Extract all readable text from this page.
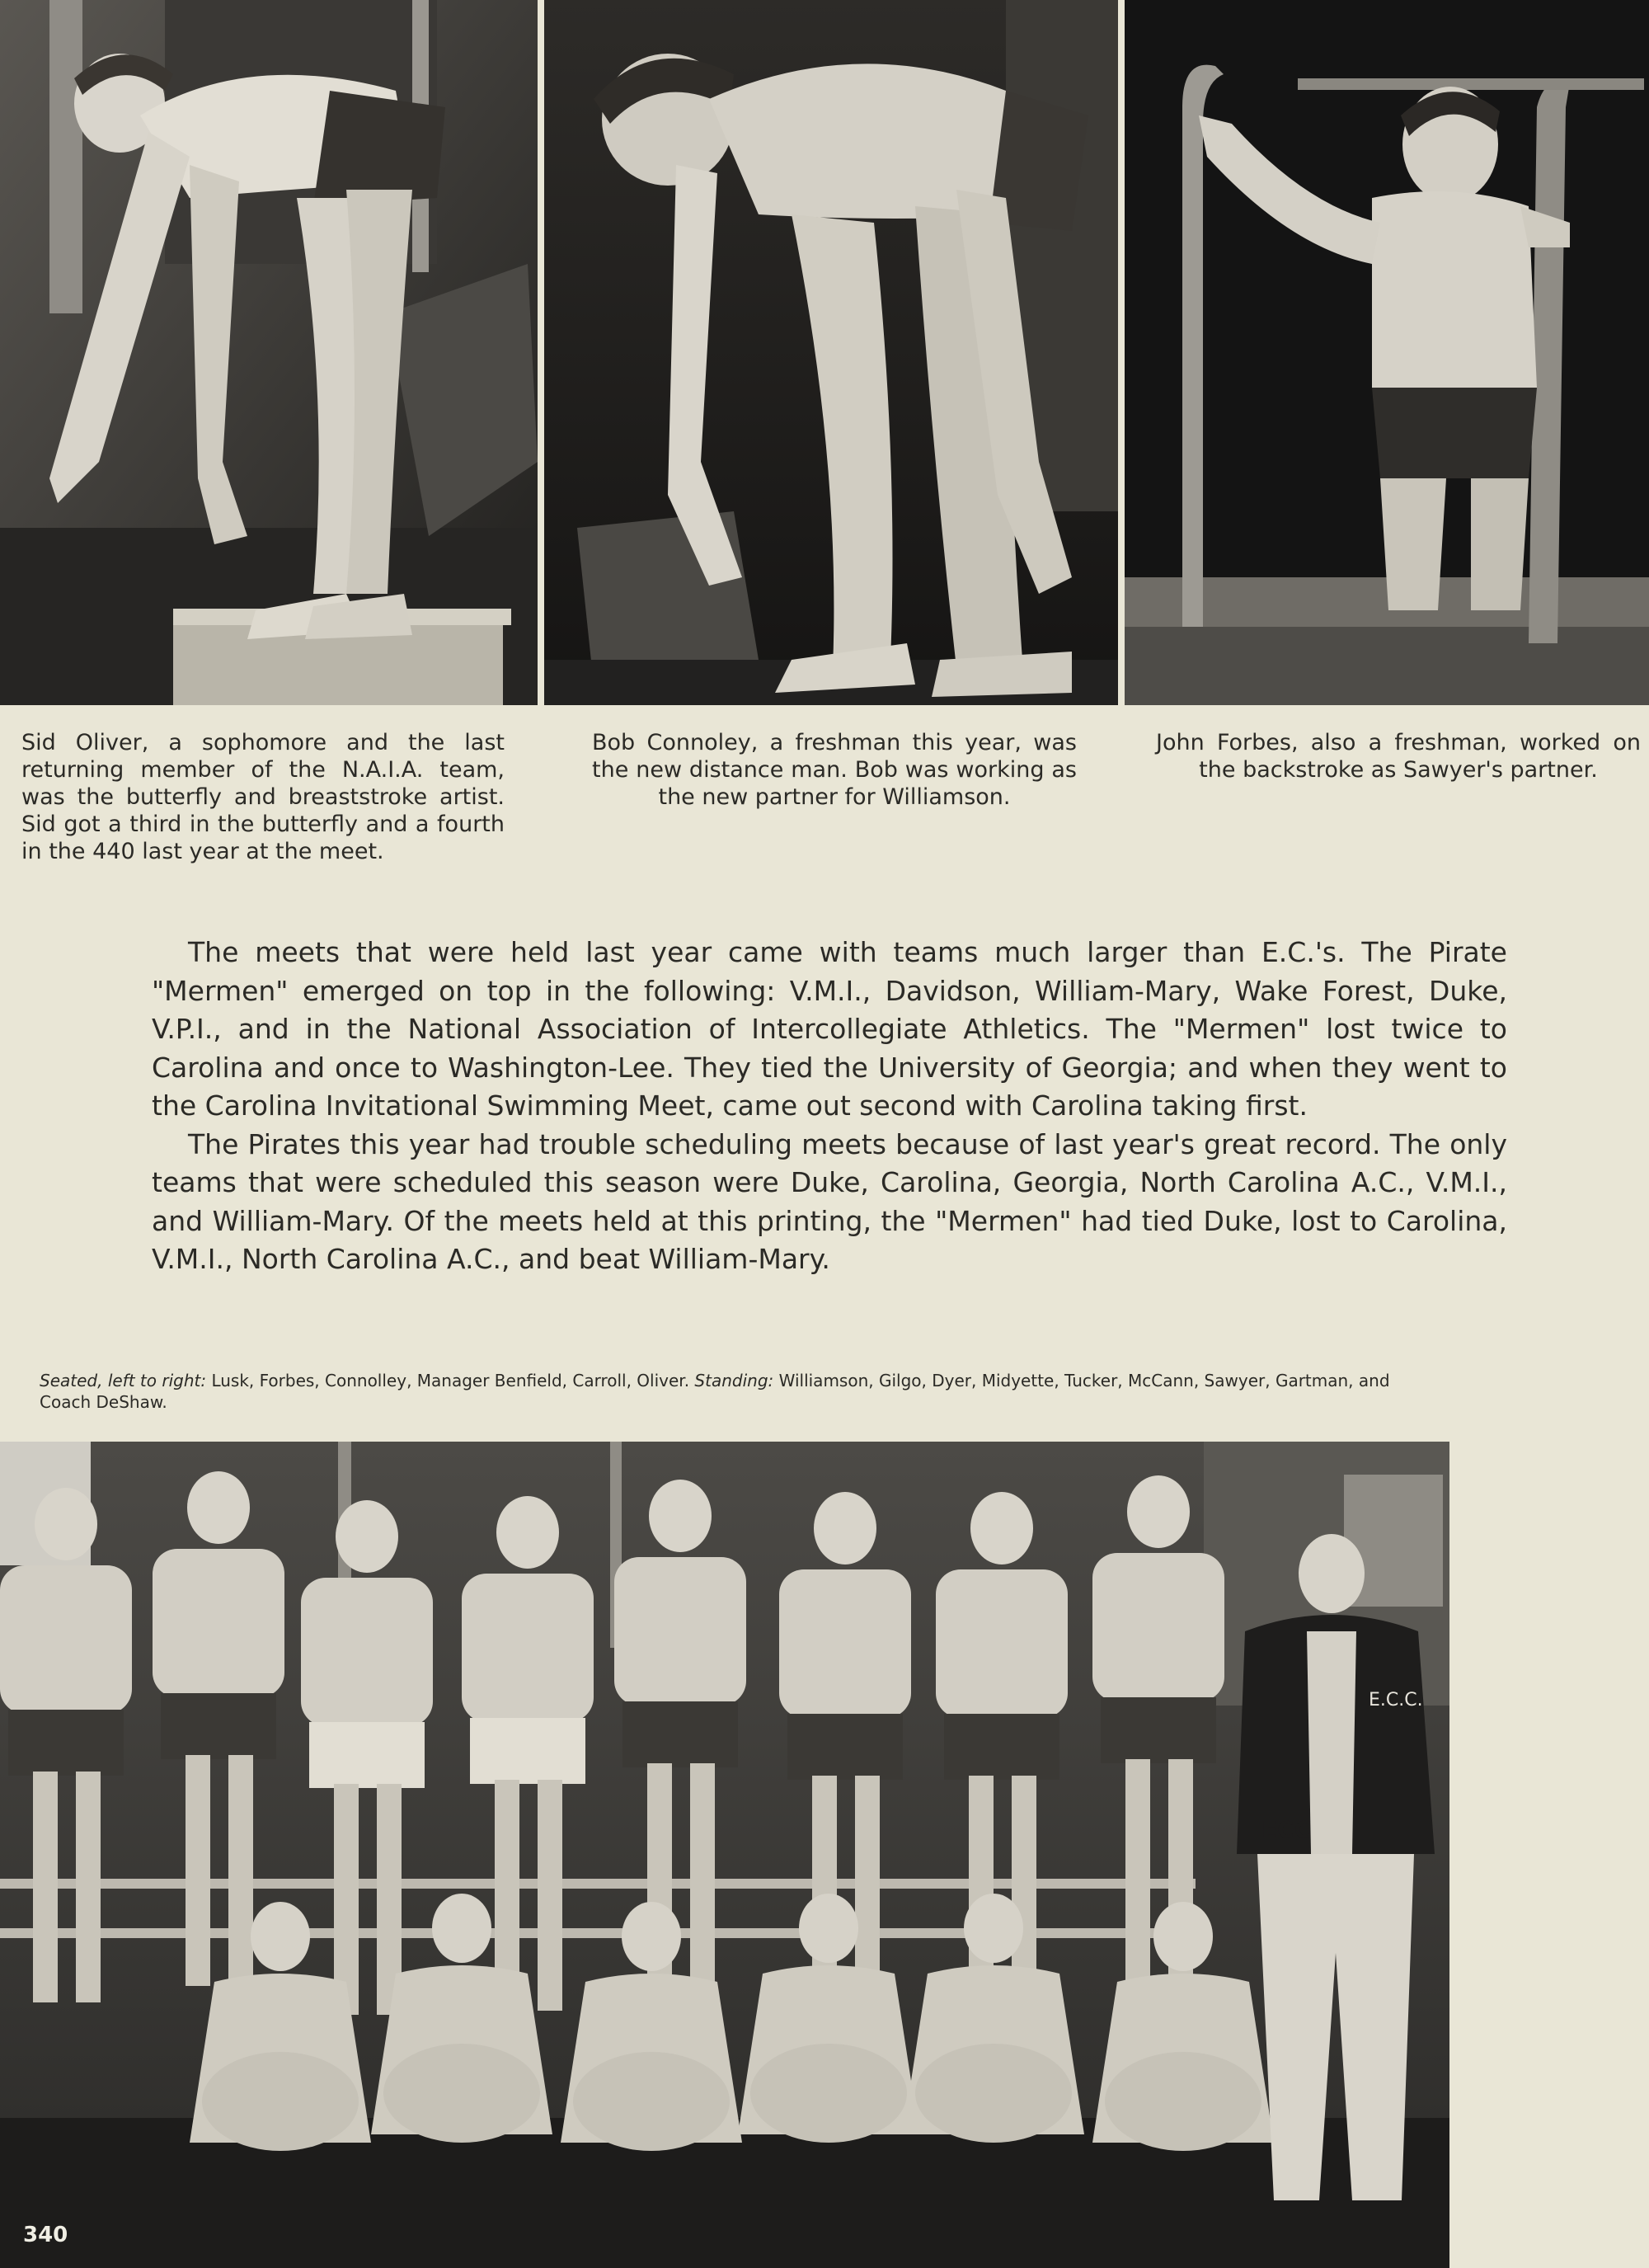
Sid Oliver, a sophomore and the last returning member of the N.A.I.A. team, was the butterfly and breaststroke artist. Sid got a third in the butterfly and a fourth in the 440 last year at the meet.
Bob Connoley, a freshman this year, was the new distance man. Bob was working as the new partner for Williamson.
John Forbes, also a freshman, worked on the backstroke as Sawyer's partner.

The meets that were held last year came with teams much larger than E.C.'s. The Pirate "Mermen" emerged on top in the following: V.M.I., Davidson, William-Mary, Wake Forest, Duke, V.P.I., and in the National Association of Intercollegiate Athletics. The "Mermen" lost twice to Carolina and once to Washington-Lee. They tied the University of Georgia; and when they went to the Carolina Invitational Swimming Meet, came out second with Carolina taking first.

The Pirates this year had trouble scheduling meets because of last year's great record. The only teams that were scheduled this season were Duke, Carolina, Georgia, North Carolina A.C., V.M.I., and William-Mary. Of the meets held at this printing, the "Mermen" had tied Duke, lost to Carolina, V.M.I., North Carolina A.C., and beat William-Mary.

Seated, left to right: Lusk, Forbes, Connolley, Manager Benfield, Carroll, Oliver. Standing: Williamson, Gilgo, Dyer, Midyette, Tucker, McCann, Sawyer, Gartman, and Coach DeShaw.
E.C.C.
ECC
340
